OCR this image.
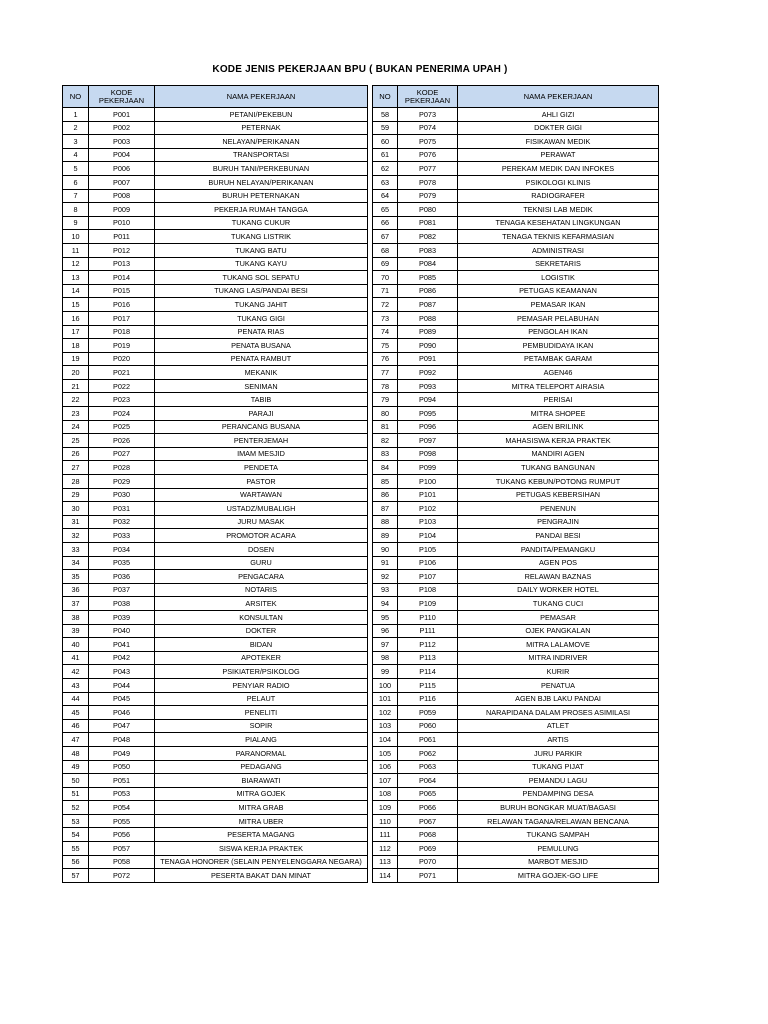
KODE JENIS PEKERJAAN BPU ( BUKAN PENERIMA UPAH )
NO	KODE
PEKERJAAN	NAMA PEKERJAAN		NO	KODE
PEKERJAAN	NAMA PEKERJAAN
1	P001	PETANI/PEKEBUN		58	P073	AHLI GIZI
2	P002	PETERNAK		59	P074	DOKTER GIGI
3	P003	NELAYAN/PERIKANAN		60	P075	FISIKAWAN MEDIK
4	P004	TRANSPORTASI		61	P076	PERAWAT
5	P006	BURUH TANI/PERKEBUNAN		62	P077	PEREKAM MEDIK DAN INFOKES
6	P007	BURUH NELAYAN/PERIKANAN		63	P078	PSIKOLOGI KLINIS
7	P008	BURUH PETERNAKAN		64	P079	RADIOGRAFER
8	P009	PEKERJA RUMAH TANGGA		65	P080	TEKNISI LAB MEDIK
9	P010	TUKANG CUKUR		66	P081	TENAGA KESEHATAN LINGKUNGAN
10	P011	TUKANG LISTRIK		67	P082	TENAGA TEKNIS KEFARMASIAN
11	P012	TUKANG BATU		68	P083	ADMINISTRASI
12	P013	TUKANG KAYU		69	P084	SEKRETARIS
13	P014	TUKANG SOL SEPATU		70	P085	LOGISTIK
14	P015	TUKANG LAS/PANDAI BESI		71	P086	PETUGAS KEAMANAN
15	P016	TUKANG JAHIT		72	P087	PEMASAR IKAN
16	P017	TUKANG GIGI		73	P088	PEMASAR PELABUHAN
17	P018	PENATA RIAS		74	P089	PENGOLAH IKAN
18	P019	PENATA BUSANA		75	P090	PEMBUDIDAYA IKAN
19	P020	PENATA RAMBUT		76	P091	PETAMBAK GARAM
20	P021	MEKANIK		77	P092	AGEN46
21	P022	SENIMAN		78	P093	MITRA TELEPORT AIRASIA
22	P023	TABIB		79	P094	PERISAI
23	P024	PARAJI		80	P095	MITRA SHOPEE
24	P025	PERANCANG BUSANA		81	P096	AGEN BRILINK
25	P026	PENTERJEMAH		82	P097	MAHASISWA KERJA PRAKTEK
26	P027	IMAM MESJID		83	P098	MANDIRI AGEN
27	P028	PENDETA		84	P099	TUKANG BANGUNAN
28	P029	PASTOR		85	P100	TUKANG KEBUN/POTONG RUMPUT
29	P030	WARTAWAN		86	P101	PETUGAS KEBERSIHAN
30	P031	USTADZ/MUBALIGH		87	P102	PENENUN
31	P032	JURU MASAK		88	P103	PENGRAJIN
32	P033	PROMOTOR ACARA		89	P104	PANDAI BESI
33	P034	DOSEN		90	P105	PANDITA/PEMANGKU
34	P035	GURU		91	P106	AGEN POS
35	P036	PENGACARA		92	P107	RELAWAN BAZNAS
36	P037	NOTARIS		93	P108	DAILY WORKER HOTEL
37	P038	ARSITEK		94	P109	TUKANG CUCI
38	P039	KONSULTAN		95	P110	PEMASAR
39	P040	DOKTER		96	P111	OJEK PANGKALAN
40	P041	BIDAN		97	P112	MITRA LALAMOVE
41	P042	APOTEKER		98	P113	MITRA INDRIVER
42	P043	PSIKIATER/PSIKOLOG		99	P114	KURIR
43	P044	PENYIAR RADIO		100	P115	PENATUA
44	P045	PELAUT		101	P116	AGEN BJB LAKU PANDAI
45	P046	PENELITI		102	P059	NARAPIDANA DALAM PROSES ASIMILASI
46	P047	SOPIR		103	P060	ATLET
47	P048	PIALANG		104	P061	ARTIS
48	P049	PARANORMAL		105	P062	JURU PARKIR
49	P050	PEDAGANG		106	P063	TUKANG PIJAT
50	P051	BIARAWATI		107	P064	PEMANDU LAGU
51	P053	MITRA GOJEK		108	P065	PENDAMPING DESA
52	P054	MITRA GRAB		109	P066	BURUH BONGKAR MUAT/BAGASI
53	P055	MITRA UBER		110	P067	RELAWAN TAGANA/RELAWAN BENCANA
54	P056	PESERTA MAGANG		111	P068	TUKANG SAMPAH
55	P057	SISWA KERJA PRAKTEK		112	P069	PEMULUNG
56	P058	TENAGA HONORER (SELAIN PENYELENGGARA NEGARA)		113	P070	MARBOT MESJID
57	P072	PESERTA BAKAT DAN MINAT		114	P071	MITRA GOJEK-GO LIFE
